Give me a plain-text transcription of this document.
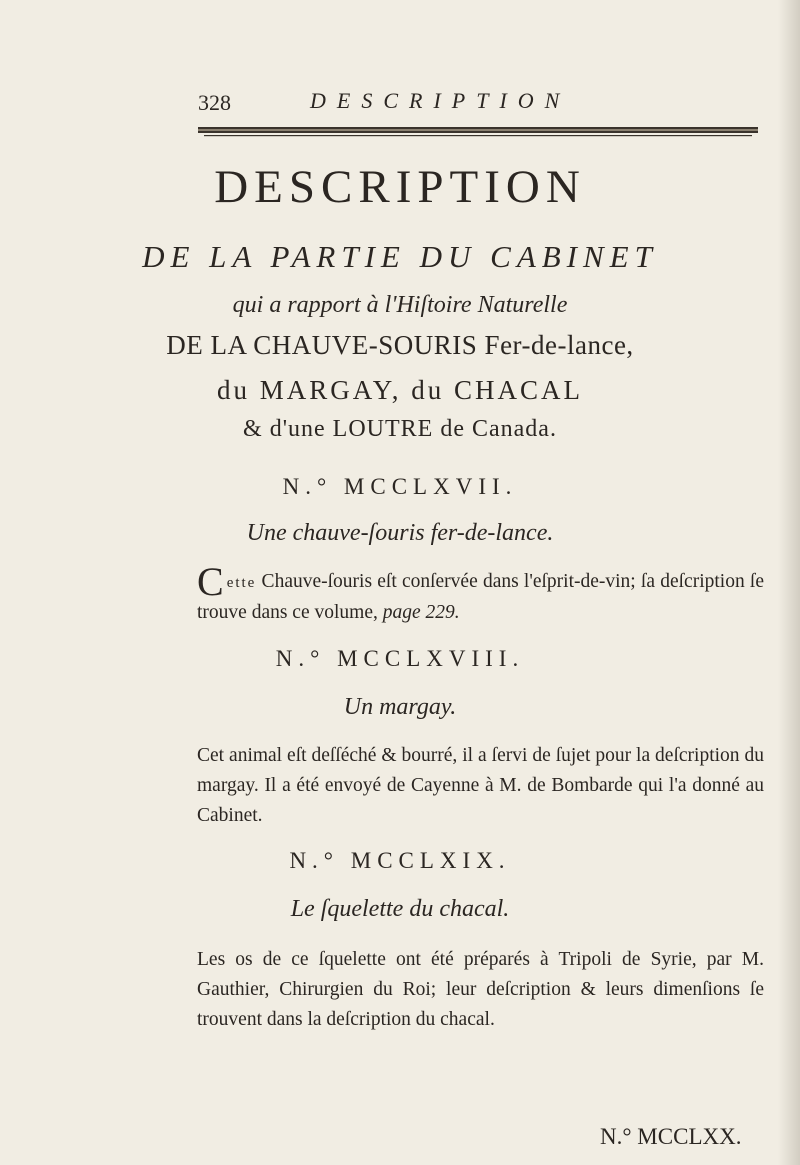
328	DESCRIPTION
DESCRIPTION
DE LA PARTIE DU CABINET
qui a rapport à l'Hiſtoire Naturelle
DE LA CHAUVE-SOURIS Fer-de-lance,
du MARGAY, du CHACAL
& d'une LOUTRE de Canada.
N.° MCCLXVII.
Une chauve-ſouris fer-de-lance.

Cette Chauve-ſouris eſt conſervée dans l'eſprit-de-vin; ſa deſcription ſe trouve dans ce volume, page 229.

N.° MCCLXVIII.
Un margay.

Cet animal eſt deſſéché & bourré, il a ſervi de ſujet pour la deſcription du margay. Il a été envoyé de Cayenne à M. de Bombarde qui l'a donné au Cabinet.

N.° MCCLXIX.
Le ſquelette du chacal.

Les os de ce ſquelette ont été préparés à Tripoli de Syrie, par M. Gauthier, Chirurgien du Roi; leur deſcription & leurs dimenſions ſe trouvent dans la deſcription du chacal.

N.° MCCLXX.
